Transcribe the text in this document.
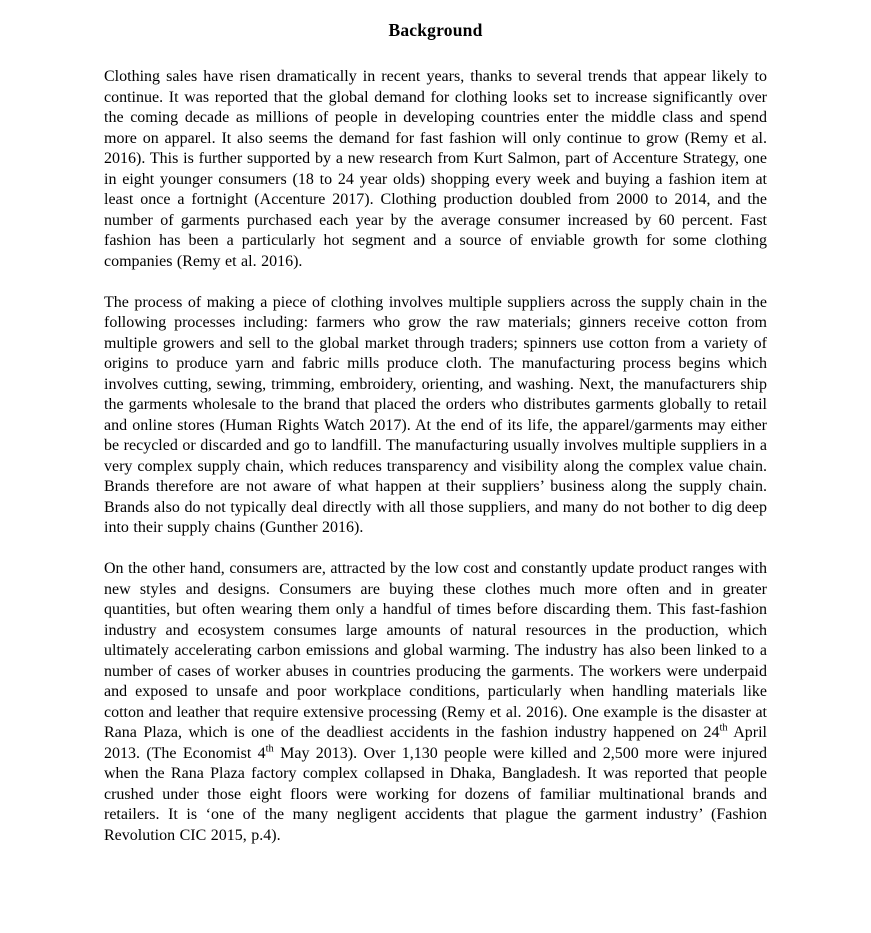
Background

Clothing sales have risen dramatically in recent years, thanks to several trends that appear likely to continue. It was reported that the global demand for clothing looks set to increase significantly over the coming decade as millions of people in developing countries enter the middle class and spend more on apparel. It also seems the demand for fast fashion will only continue to grow (Remy et al. 2016). This is further supported by a new research from Kurt Salmon, part of Accenture Strategy, one in eight younger consumers (18 to 24 year olds) shopping every week and buying a fashion item at least once a fortnight (Accenture 2017). Clothing production doubled from 2000 to 2014, and the number of garments purchased each year by the average consumer increased by 60 percent. Fast fashion has been a particularly hot segment and a source of enviable growth for some clothing companies (Remy et al. 2016).

The process of making a piece of clothing involves multiple suppliers across the supply chain in the following processes including: farmers who grow the raw materials; ginners receive cotton from multiple growers and sell to the global market through traders; spinners use cotton from a variety of origins to produce yarn and fabric mills produce cloth. The manufacturing process begins which involves cutting, sewing, trimming, embroidery, orienting, and washing. Next, the manufacturers ship the garments wholesale to the brand that placed the orders who distributes garments globally to retail and online stores (Human Rights Watch 2017). At the end of its life, the apparel/garments may either be recycled or discarded and go to landfill. The manufacturing usually involves multiple suppliers in a very complex supply chain, which reduces transparency and visibility along the complex value chain. Brands therefore are not aware of what happen at their suppliers’ business along the supply chain. Brands also do not typically deal directly with all those suppliers, and many do not bother to dig deep into their supply chains (Gunther 2016).

On the other hand, consumers are, attracted by the low cost and constantly update product ranges with new styles and designs. Consumers are buying these clothes much more often and in greater quantities, but often wearing them only a handful of times before discarding them. This fast-fashion industry and ecosystem consumes large amounts of natural resources in the production, which ultimately accelerating carbon emissions and global warming. The industry has also been linked to a number of cases of worker abuses in countries producing the garments. The workers were underpaid and exposed to unsafe and poor workplace conditions, particularly when handling materials like cotton and leather that require extensive processing (Remy et al. 2016). One example is the disaster at Rana Plaza, which is one of the deadliest accidents in the fashion industry happened on 24th April 2013. (The Economist 4th May 2013). Over 1,130 people were killed and 2,500 more were injured when the Rana Plaza factory complex collapsed in Dhaka, Bangladesh. It was reported that people crushed under those eight floors were working for dozens of familiar multinational brands and retailers. It is ‘one of the many negligent accidents that plague the garment industry’ (Fashion Revolution CIC 2015, p.4).
